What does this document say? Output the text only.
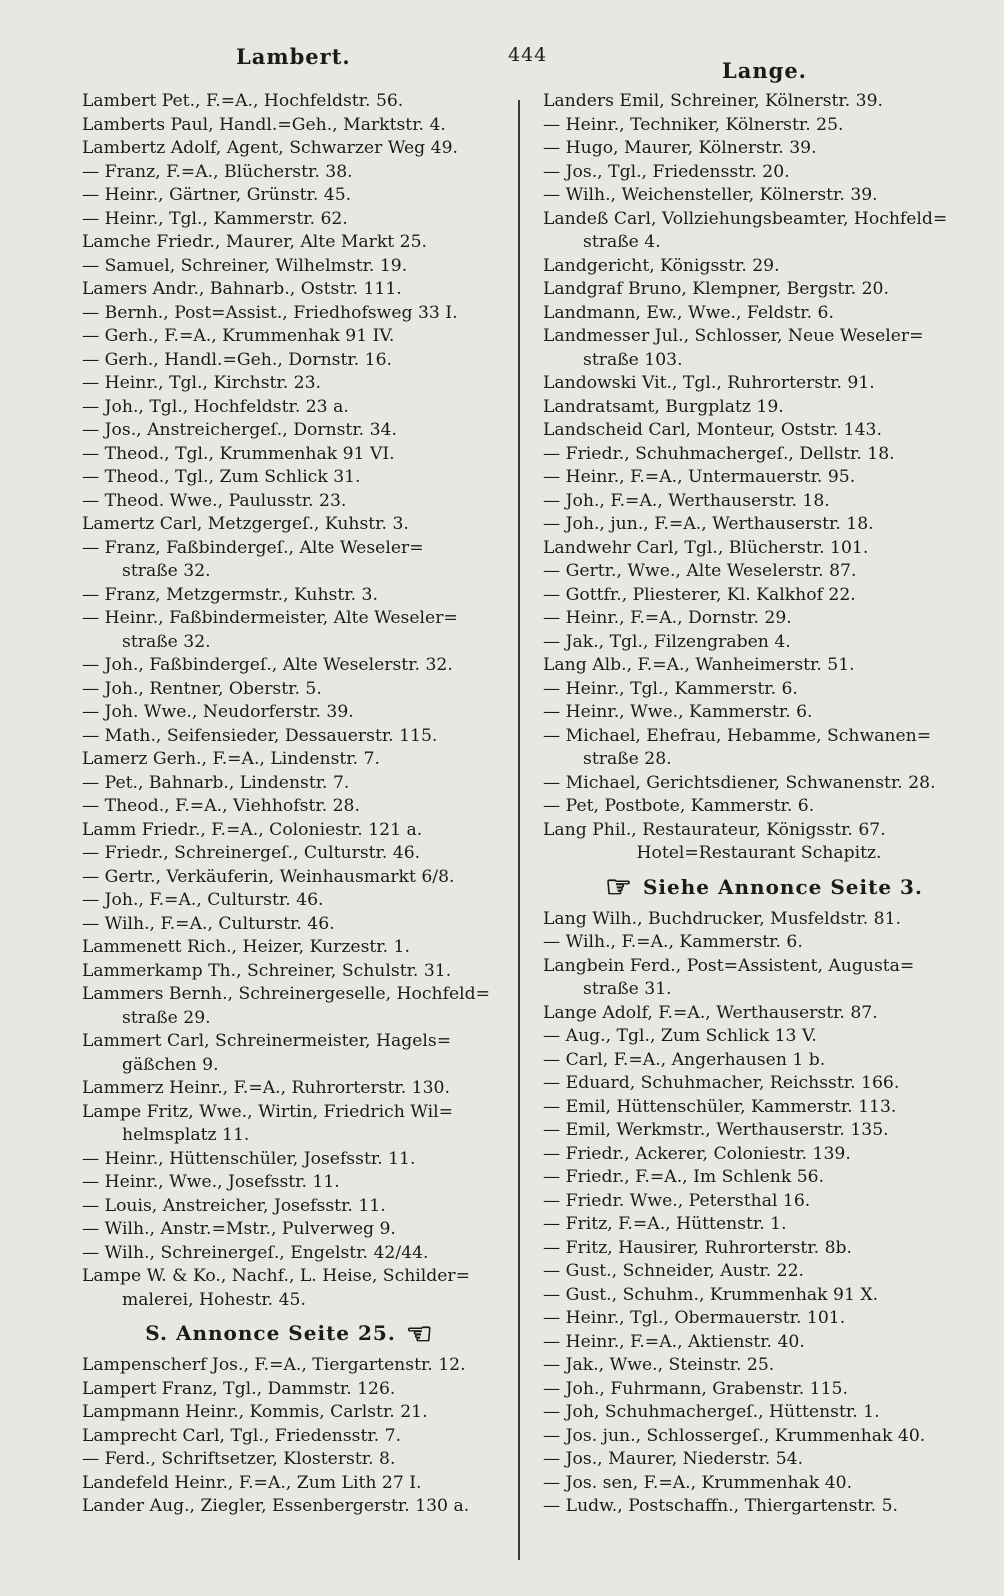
Lambert.	444
Lange.
Lambert Pet., F.=A., Hochfeldstr. 56.
Lamberts Paul, Handl.=Geh., Marktstr. 4.
Lambertz Adolf, Agent, Schwarzer Weg 49.
— Franz, F.=A., Blücherstr. 38.
— Heinr., Gärtner, Grünstr. 45.
— Heinr., Tgl., Kammerstr. 62.
Lamche Friedr., Maurer, Alte Markt 25.
— Samuel, Schreiner, Wilhelmstr. 19.
Lamers Andr., Bahnarb., Oststr. 111.
— Bernh., Post=Assist., Friedhofsweg 33 I.
— Gerh., F.=A., Krummenhak 91 IV.
— Gerh., Handl.=Geh., Dornstr. 16.
— Heinr., Tgl., Kirchstr. 23.
— Joh., Tgl., Hochfeldstr. 23 a.
— Jos., Anstreichergeſ., Dornstr. 34.
— Theod., Tgl., Krummenhak 91 VI.
— Theod., Tgl., Zum Schlick 31.
— Theod. Wwe., Paulusstr. 23.
Lamertz Carl, Metzgergeſ., Kuhstr. 3.
— Franz, Faßbindergeſ., Alte Weseler=
straße 32.
— Franz, Metzgermstr., Kuhstr. 3.
— Heinr., Faßbindermeister, Alte Weseler=
straße 32.
— Joh., Faßbindergeſ., Alte Weselerstr. 32.
— Joh., Rentner, Oberstr. 5.
— Joh. Wwe., Neudorferstr. 39.
— Math., Seifensieder, Dessauerstr. 115.
Lamerz Gerh., F.=A., Lindenstr. 7.
— Pet., Bahnarb., Lindenstr. 7.
— Theod., F.=A., Viehhofstr. 28.
Lamm Friedr., F.=A., Coloniestr. 121 a.
— Friedr., Schreinergeſ., Culturstr. 46.
— Gertr., Verkäuferin, Weinhausmarkt 6/8.
— Joh., F.=A., Culturstr. 46.
— Wilh., F.=A., Culturstr. 46.
Lammenett Rich., Heizer, Kurzestr. 1.
Lammerkamp Th., Schreiner, Schulstr. 31.
Lammers Bernh., Schreinergeselle, Hochfeld=
straße 29.
Lammert Carl, Schreinermeister, Hagels=
gäßchen 9.
Lammerz Heinr., F.=A., Ruhrorterstr. 130.
Lampe Fritz, Wwe., Wirtin, Friedrich Wil=
helmsplatz 11.
— Heinr., Hüttenschüler, Josefsstr. 11.
— Heinr., Wwe., Josefsstr. 11.
— Louis, Anstreicher, Josefsstr. 11.
— Wilh., Anstr.=Mstr., Pulverweg 9.
— Wilh., Schreinergeſ., Engelstr. 42/44.
Lampe W. & Ko., Nachf., L. Heise, Schilder=
malerei, Hohestr. 45.
S. Annonce Seite 25. ☜
Lampenscherf Jos., F.=A., Tiergartenstr. 12.
Lampert Franz, Tgl., Dammstr. 126.
Lampmann Heinr., Kommis, Carlstr. 21.
Lamprecht Carl, Tgl., Friedensstr. 7.
— Ferd., Schriftsetzer, Klosterstr. 8.
Landefeld Heinr., F.=A., Zum Lith 27 I.
Lander Aug., Ziegler, Essenbergerstr. 130 a.
Landers Emil, Schreiner, Kölnerstr. 39.
— Heinr., Techniker, Kölnerstr. 25.
— Hugo, Maurer, Kölnerstr. 39.
— Jos., Tgl., Friedensstr. 20.
— Wilh., Weichensteller, Kölnerstr. 39.
Landeß Carl, Vollziehungsbeamter, Hochfeld=
straße 4.
Landgericht, Königsstr. 29.
Landgraf Bruno, Klempner, Bergstr. 20.
Landmann, Ew., Wwe., Feldstr. 6.
Landmesser Jul., Schlosser, Neue Weseler=
straße 103.
Landowski Vit., Tgl., Ruhrorterstr. 91.
Landratsamt, Burgplatz 19.
Landscheid Carl, Monteur, Oststr. 143.
— Friedr., Schuhmachergeſ., Dellstr. 18.
— Heinr., F.=A., Untermauerstr. 95.
— Joh., F.=A., Werthauserstr. 18.
— Joh., jun., F.=A., Werthauserstr. 18.
Landwehr Carl, Tgl., Blücherstr. 101.
— Gertr., Wwe., Alte Weselerstr. 87.
— Gottfr., Pliesterer, Kl. Kalkhof 22.
— Heinr., F.=A., Dornstr. 29.
— Jak., Tgl., Filzengraben 4.
Lang Alb., F.=A., Wanheimerstr. 51.
— Heinr., Tgl., Kammerstr. 6.
— Heinr., Wwe., Kammerstr. 6.
— Michael, Ehefrau, Hebamme, Schwanen=
straße 28.
— Michael, Gerichtsdiener, Schwanenstr. 28.
— Pet, Postbote, Kammerstr. 6.
Lang Phil., Restaurateur, Königsstr. 67.
Hotel=Restaurant Schapitz.
☞ Siehe Annonce Seite 3.
Lang Wilh., Buchdrucker, Musfeldstr. 81.
— Wilh., F.=A., Kammerstr. 6.
Langbein Ferd., Post=Assistent, Augusta=
straße 31.
Lange Adolf, F.=A., Werthauserstr. 87.
— Aug., Tgl., Zum Schlick 13 V.
— Carl, F.=A., Angerhausen 1 b.
— Eduard, Schuhmacher, Reichsstr. 166.
— Emil, Hüttenschüler, Kammerstr. 113.
— Emil, Werkmstr., Werthauserstr. 135.
— Friedr., Ackerer, Coloniestr. 139.
— Friedr., F.=A., Im Schlenk 56.
— Friedr. Wwe., Petersthal 16.
— Fritz, F.=A., Hüttenstr. 1.
— Fritz, Hausirer, Ruhrorterstr. 8b.
— Gust., Schneider, Austr. 22.
— Gust., Schuhm., Krummenhak 91 X.
— Heinr., Tgl., Obermauerstr. 101.
— Heinr., F.=A., Aktienstr. 40.
— Jak., Wwe., Steinstr. 25.
— Joh., Fuhrmann, Grabenstr. 115.
— Joh, Schuhmachergeſ., Hüttenstr. 1.
— Jos. jun., Schlossergeſ., Krummenhak 40.
— Jos., Maurer, Niederstr. 54.
— Jos. sen, F.=A., Krummenhak 40.
— Ludw., Postschaffn., Thiergartenstr. 5.
